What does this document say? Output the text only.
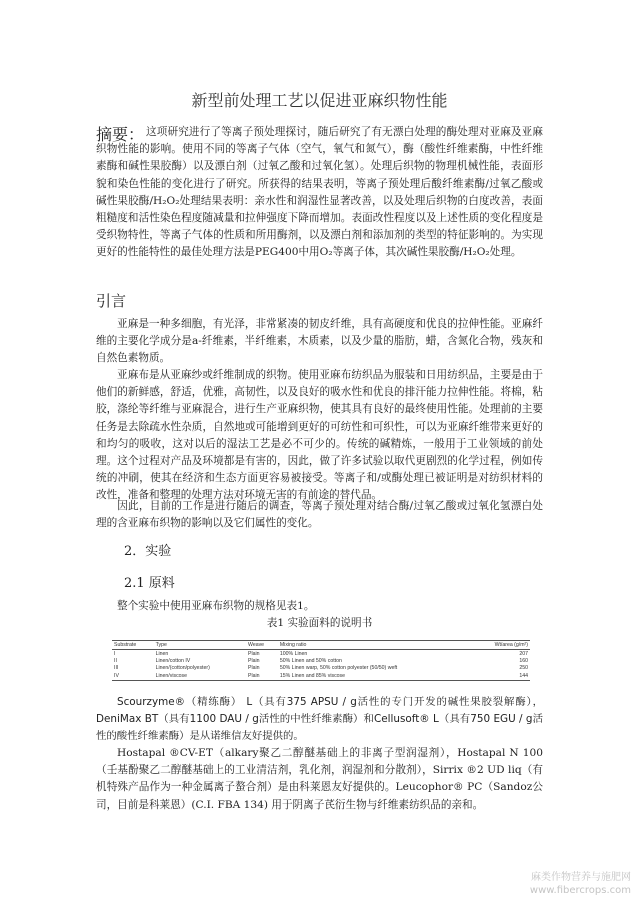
新型前处理工艺以促进亚麻织物性能
摘要： 这项研究进行了等离子预处理探讨，随后研究了有无漂白处理的酶处理对亚麻及亚麻织物性能的影响。使用不同的等离子气体（空气，氧气和氮气），酶（酸性纤维素酶，中性纤维素酶和碱性果胶酶）以及漂白剂（过氧乙酸和过氧化氢）。处理后织物的物理机械性能，表面形貌和染色性能的变化进行了研究。所获得的结果表明，等离子预处理后酸纤维素酶/过氧乙酸或碱性果胶酶/H₂O₂处理结果表明：亲水性和润湿性显著改善，以及处理后织物的白度改善，表面粗糙度和活性染色程度随减量和拉伸强度下降而增加。表面改性程度以及上述性质的变化程度是受织物特性，等离子气体的性质和所用酶剂，以及漂白剂和添加剂的类型的特征影响的。为实现更好的性能特性的最佳处理方法是PEG400中用O₂等离子体，其次碱性果胶酶/H₂O₂处理。

引言

亚麻是一种多细胞，有光泽，非常紧凑的韧皮纤维，具有高硬度和优良的拉伸性能。亚麻纤维的主要化学成分是a-纤维素，半纤维素，木质素，以及少量的脂肪，蜡，含氮化合物，残灰和自然色素物质。

亚麻布是从亚麻纱或纤维制成的织物。使用亚麻布纺织品为服装和日用纺织品，主要是由于他们的新鲜感，舒适，优雅，高韧性，以及良好的吸水性和优良的排汗能力拉伸性能。将棉，粘胶，涤纶等纤维与亚麻混合，进行生产亚麻织物，使其具有良好的最终使用性能。处理前的主要任务是去除疏水性杂质，自然地或可能增到更好的可纺性和可织性，可以为亚麻纤维带来更好的和均匀的吸收，这对以后的湿法工艺是必不可少的。传统的碱精炼，一般用于工业领域的前处理。这个过程对产品及环境都是有害的，因此，做了许多试验以取代更剧烈的化学过程，例如传统的冲刷，使其在经济和生态方面更容易被接受。等离子和/或酶处理已被证明是对纺织材料的改性，准备和整理的处理方法对环境无害的有前途的替代品。

因此，目前的工作是进行随后的调查，等离子预处理对结合酶/过氧乙酸或过氧化氢漂白处理的含亚麻布织物的影响以及它们属性的变化。

2．实验
2.1 原料

整个实验中使用亚麻布织物的规格见表1。

表1 实验面料的说明书
Substrate	Type	Weave	Mixing ratio	Wt/area (g/m²)
I	Linen	Plain	100% Linen	207
II	Linen/cotton IV	Plain	50% Linen and 50% cotton	160
III	Linen/(cotton/polyester)	Plain	50% Linen warp, 50% cotton polyester (50/50) weft	250
IV	Linen/viscose	Plain	15% Linen and 85% viscose	144

Scourzyme®（精练酶） L（具有375 APSU / g活性的专门开发的碱性果胶裂解酶），DeniMax BT（具有1100 DAU / g活性的中性纤维素酶）和Cellusoft® L（具有750 EGU / g活性的酸性纤维素酶）是从诺维信友好提供的。

Hostapal ®CV-ET（alkary聚乙二醇醚基础上的非离子型润湿剂），Hostapal N 100（壬基酚聚乙二醇醚基础上的工业清洁剂，乳化剂，润湿剂和分散剂），Sirrix ®2 UD liq（有机特殊产品作为一种金属离子螯合剂）是由科莱恩友好提供的。Leucophor® PC（Sandoz公司，目前是科莱恩）(C.I. FBA 134) 用于阴离子芪衍生物与纤维素纺织品的亲和。

麻类作物营养与施肥网
www.fibercrops.com
